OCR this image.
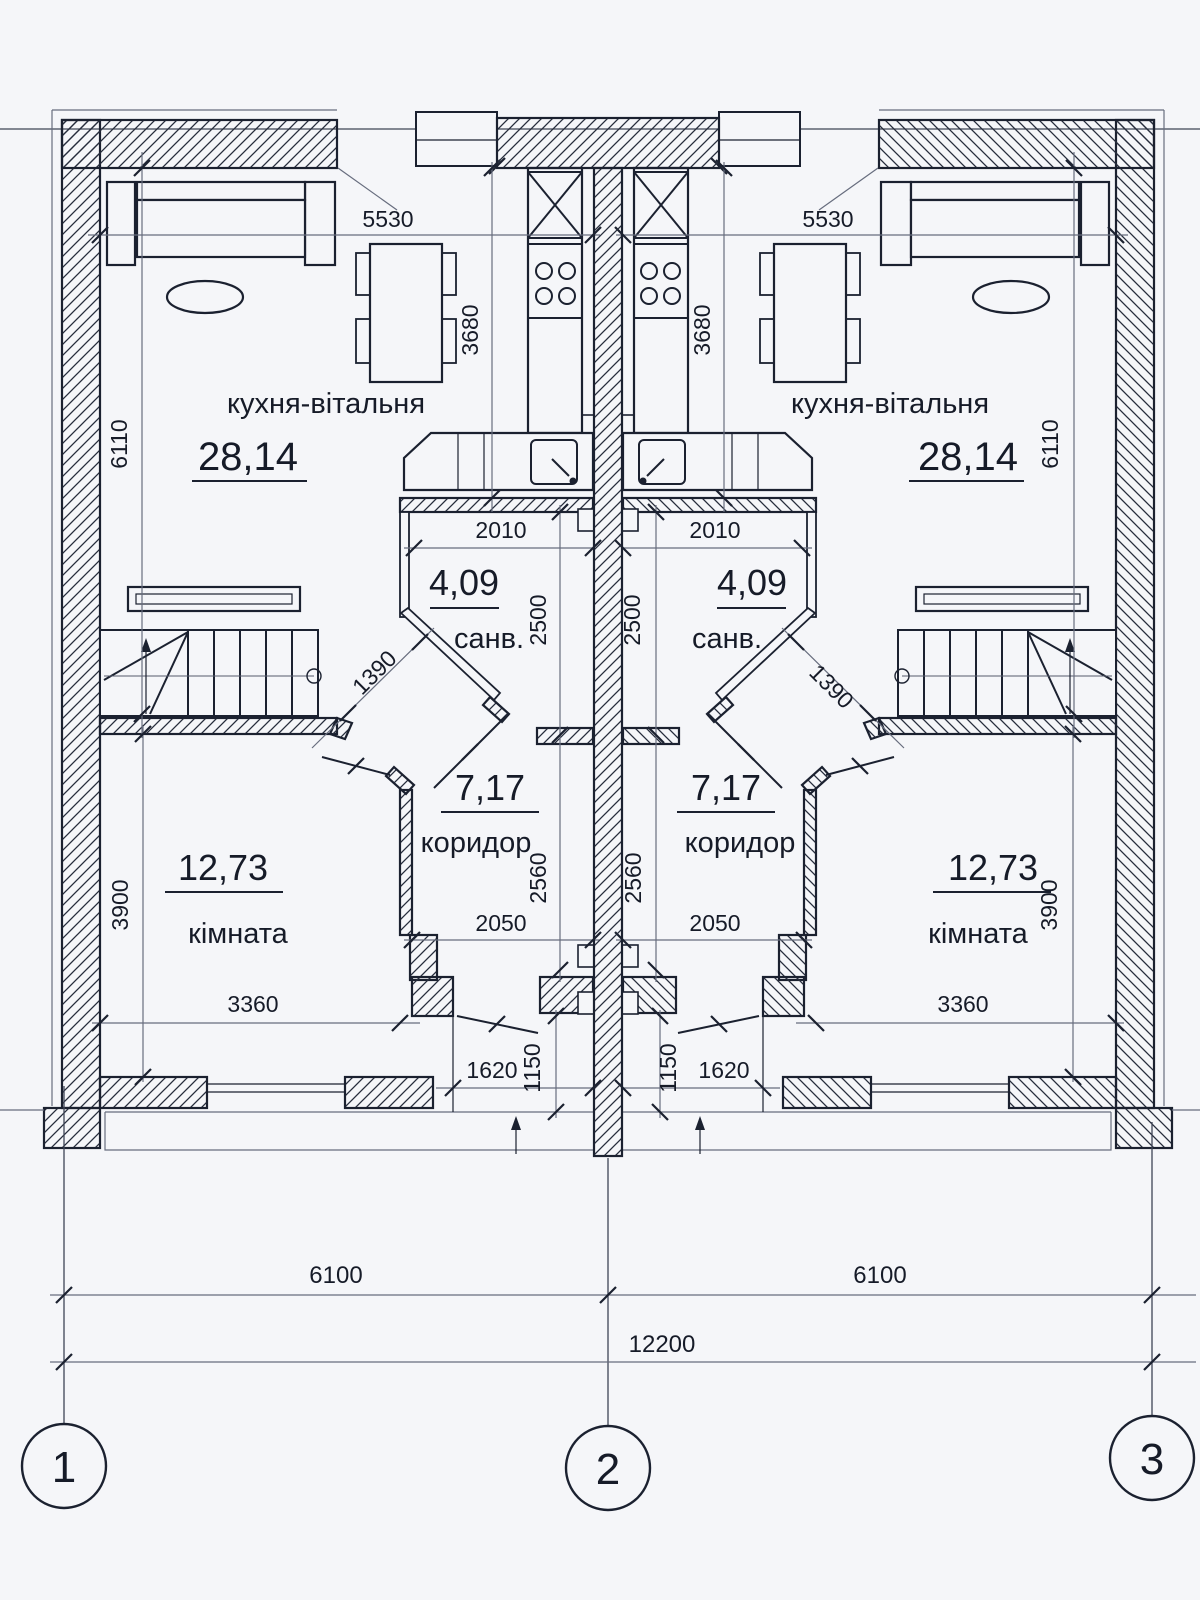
5530
3680
6110
кухня-вітальня
28,14
2010
2500
4,09
санв.
1390
7,17
коридор
2560
2050
12,73
кімната
3900
3360
1620 1150
5530
3680
6110
кухня-вітальня
28,14
2010
2500
4,09
санв.
1390
7,17
коридор
2560
2050
12,73
кімната
3900
3360
1620
1150
6100	6100
12200
1	2	3
